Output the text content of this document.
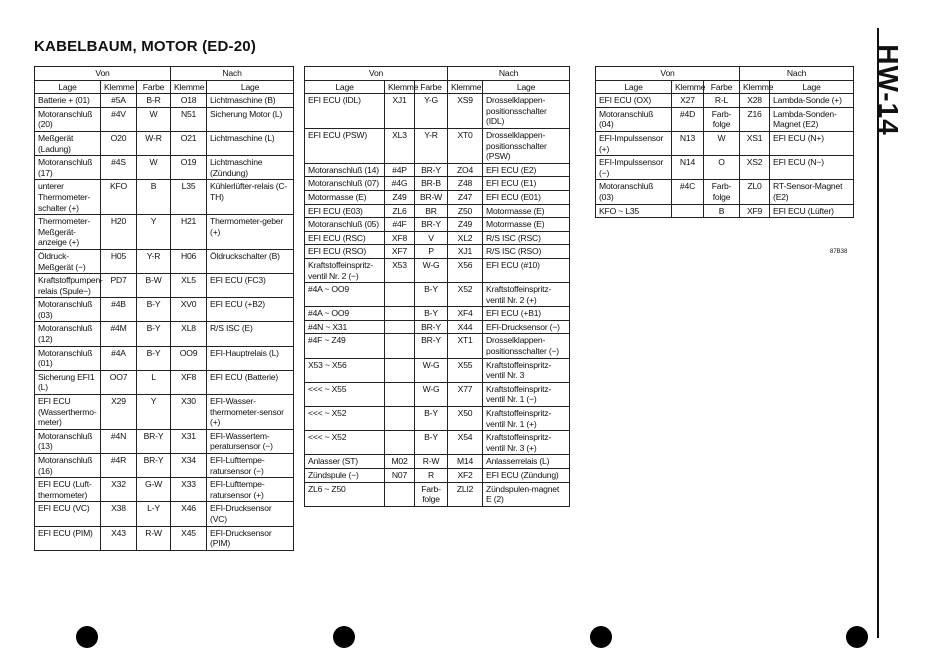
KABELBAUM, MOTOR (ED-20)	HW-14
Von			Nach	
Lage	Klemme	Farbe	Klemme	Lage
Batterie + (01)	#5A	B-R	O18	Lichtmaschine (B)
Motoranschluß (20)	#4V	W	N51	Sicherung Motor (L)
Meßgerät (Ladung)	O20	W-R	O21	Lichtmaschine (L)
Motoranschluß (17)	#4S	W	O19	Lichtmaschine (Zündung)
unterer Thermometer-schalter (+)	KFO	B	L35	Kühlerlüfter-relais (C-TH)
Thermometer-Meßgerät-anzeige (+)	H20	Y	H21	Thermometer-geber (+)
Öldruck-Meßgerät (−)	H05	Y-R	H06	Öldruckschalter (B)
Kraftstoffpumpen-relais (Spule−)	PD7	B-W	XL5	EFI ECU (FC3)
Motoranschluß (03)	#4B	B-Y	XV0	EFI ECU (+B2)
Motoranschluß (12)	#4M	B-Y	XL8	R/S ISC (E)
Motoranschluß (01)	#4A	B-Y	OO9	EFI-Hauptrelais (L)
Sicherung EFI1 (L)	OO7	L	XF8	EFI ECU (Batterie)
EFI ECU (Wasserthermo-meter)	X29	Y	X30	EFI-Wasser-thermometer-sensor (+)
Motoranschluß (13)	#4N	BR-Y	X31	EFI-Wassertem-peratursensor (−)
Motoranschluß (16)	#4R	BR-Y	X34	EFI-Lufttempe-ratursensor (−)
EFI ECU (Luft-thermometer)	X32	G-W	X33	EFI-Lufttempe-ratursensor (+)
EFI ECU (VC)	X38	L-Y	X46	EFI-Drucksensor (VC)
EFI ECU (PIM)	X43	R-W	X45	EFI-Drucksensor (PIM)
Von			Nach	
Lage	Klemme	Farbe	Klemme	Lage
EFI ECU (IDL)	XJ1	Y-G	XS9	Drosselklappen-positionsschalter (IDL)
EFI ECU (PSW)	XL3	Y-R	XT0	Drosselklappen-positionsschalter (PSW)
Motoranschluß (14)	#4P	BR-Y	ZO4	EFI ECU (E2)
Motoranschluß (07)	#4G	BR-B	Z48	EFI ECU (E1)
Motormasse (E)	Z49	BR-W	Z47	EFI ECU (E01)
EFI ECU (E03)	ZL6	BR	Z50	Motormasse (E)
Motoranschluß (05)	#4F	BR-Y	Z49	Motormasse (E)
EFI ECU (RSC)	XF8	V	XL2	R/S ISC (RSC)
EFI ECU (RSO)	XF7	P	XJ1	R/S ISC (RSO)
Kraftstoffeinspritz-ventil Nr. 2 (−)	X53	W-G	X56	EFI ECU (#10)
#4A ~ OO9		B-Y	X52	Kraftstoffeinspritz-ventil Nr. 2 (+)
#4A ~ OO9		B-Y	XF4	EFI ECU (+B1)
#4N ~ X31		BR-Y	X44	EFI-Drucksensor (−)
#4F ~ Z49		BR-Y	XT1	Drosselklappen-positionsschalter (−)
X53 ~ X56		W-G	X55	Kraftstoffeinspritz-ventil Nr. 3
<<< ~ X55		W-G	X77	Kraftstoffeinspritz-ventil Nr. 1 (−)
<<< ~ X52		B-Y	X50	Kraftstoffeinspritz-ventil Nr. 1 (+)
<<< ~ X52		B-Y	X54	Kraftstoffeinspritz-ventil Nr. 3 (+)
Anlasser (ST)	M02	R-W	M14	Anlasserrelais (L)
Zündspule (−)	N07	R	XF2	EFI ECU (Zündung)
ZL6 ~ Z50		Farb-folge	ZLI2	Zündspulen-magnet E (2)
Von			Nach	
Lage	Klemme	Farbe	Klemme	Lage
EFI ECU (OX)	X27	R-L	X28	Lambda-Sonde (+)
Motoranschluß (04)	#4D	Farb-folge	Z16	Lambda-Sonden-Magnet (E2)
EFI-Impulssensor (+)	N13	W	XS1	EFI ECU (N+)
EFI-Impulssensor (−)	N14	O	XS2	EFI ECU (N−)
Motoranschluß (03)	#4C	Farb-folge	ZL0	RT-Sensor-Magnet (E2)
KFO ~ L35		B	XF9	EFI ECU (Lüfter)
87B38
